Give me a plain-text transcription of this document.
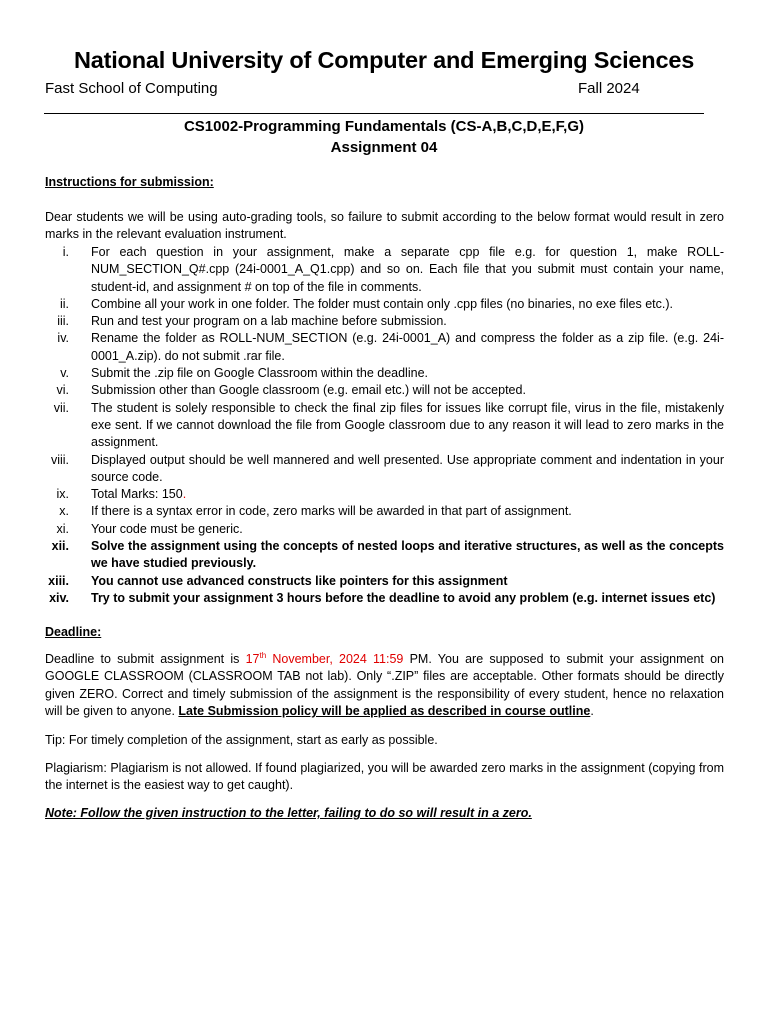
National University of Computer and Emerging Sciences
Fast School of Computing	Fall 2024
CS1002-Programming Fundamentals (CS-A,B,C,D,E,F,G)
Assignment 04
Instructions for submission:
Dear students we will be using auto-grading tools, so failure to submit according to the below format would result in zero marks in the relevant evaluation instrument.
i. For each question in your assignment, make a separate cpp file e.g. for question 1, make ROLL-NUM_SECTION_Q#.cpp (24i-0001_A_Q1.cpp) and so on. Each file that you submit must contain your name, student-id, and assignment # on top of the file in comments.
ii. Combine all your work in one folder. The folder must contain only .cpp files (no binaries, no exe files etc.).
iii. Run and test your program on a lab machine before submission.
iv. Rename the folder as ROLL-NUM_SECTION (e.g. 24i-0001_A) and compress the folder as a zip file. (e.g. 24i-0001_A.zip). do not submit .rar file.
v. Submit the .zip file on Google Classroom within the deadline.
vi. Submission other than Google classroom (e.g. email etc.) will not be accepted.
vii. The student is solely responsible to check the final zip files for issues like corrupt file, virus in the file, mistakenly exe sent. If we cannot download the file from Google classroom due to any reason it will lead to zero marks in the assignment.
viii. Displayed output should be well mannered and well presented. Use appropriate comment and indentation in your source code.
ix. Total Marks: 150.
x. If there is a syntax error in code, zero marks will be awarded in that part of assignment.
xi. Your code must be generic.
xii. Solve the assignment using the concepts of nested loops and iterative structures, as well as the concepts we have studied previously.
xiii. You cannot use advanced constructs like pointers for this assignment
xiv. Try to submit your assignment 3 hours before the deadline to avoid any problem (e.g. internet issues etc)
Deadline:
Deadline to submit assignment is 17th November, 2024 11:59 PM. You are supposed to submit your assignment on GOOGLE CLASSROOM (CLASSROOM TAB not lab). Only “.ZIP” files are acceptable. Other formats should be directly given ZERO. Correct and timely submission of the assignment is the responsibility of every student, hence no relaxation will be given to anyone. Late Submission policy will be applied as described in course outline.
Tip: For timely completion of the assignment, start as early as possible.
Plagiarism: Plagiarism is not allowed. If found plagiarized, you will be awarded zero marks in the assignment (copying from the internet is the easiest way to get caught).
Note: Follow the given instruction to the letter, failing to do so will result in a zero.
